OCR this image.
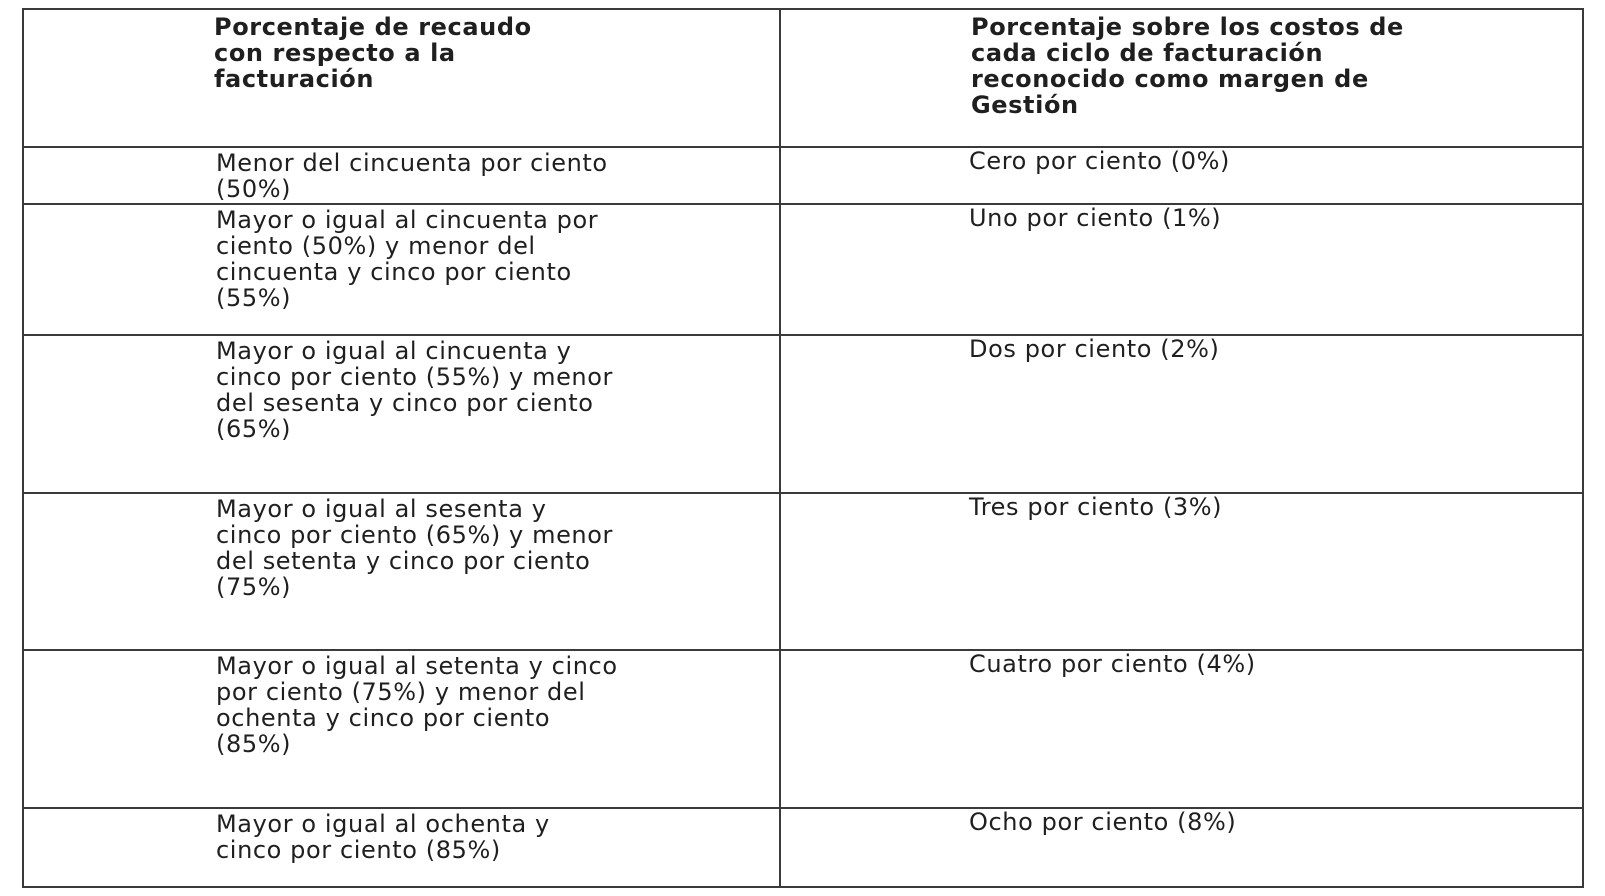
Porcentaje de recaudo con respecto a la facturación	Porcentaje sobre los costos de cada ciclo de facturación reconocido como margen de Gestión

Menor del cincuenta por ciento (50%)	Cero por ciento (0%)

Mayor o igual al cincuenta por ciento (50%) y menor del cincuenta y cinco por ciento (55%)	Uno por ciento (1%)

Mayor o igual al cincuenta y cinco por ciento (55%) y menor del sesenta y cinco por ciento (65%)	Dos por ciento (2%)

Mayor o igual al sesenta y cinco por ciento (65%) y menor del setenta y cinco por ciento (75%)	Tres por ciento (3%)

Mayor o igual al setenta y cinco por ciento (75%) y menor del ochenta y cinco por ciento (85%)	Cuatro por ciento (4%)

Mayor o igual al ochenta y cinco por ciento (85%)	Ocho por ciento (8%)
